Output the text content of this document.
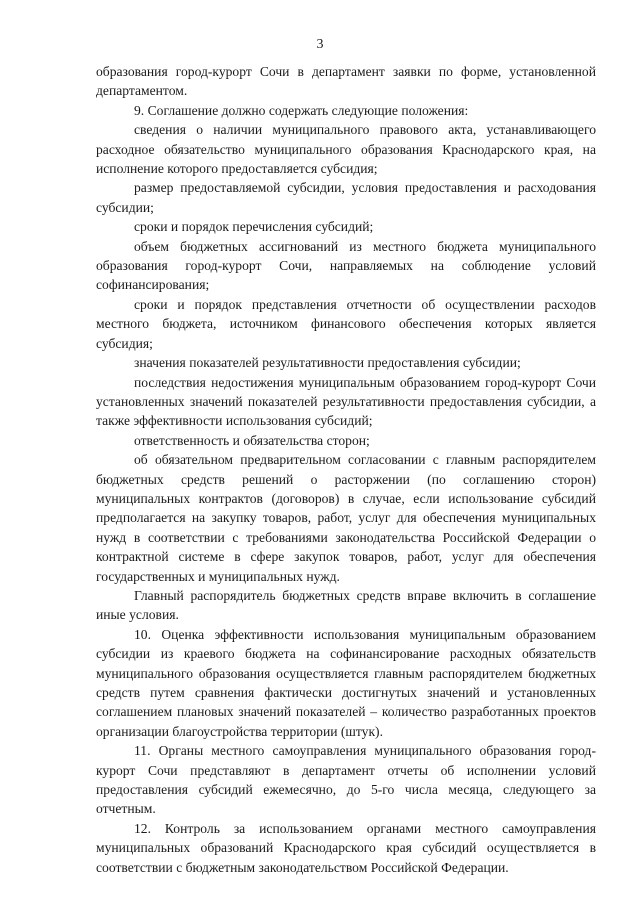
3

образования город-курорт Сочи в департамент заявки по форме, установленной департаментом.

9. Соглашение должно содержать следующие положения:

сведения о наличии муниципального правового акта, устанавливающего расходное обязательство муниципального образования Краснодарского края, на исполнение которого предоставляется субсидия;

размер предоставляемой субсидии, условия предоставления и расходования субсидии;

сроки и порядок перечисления субсидий;

объем бюджетных ассигнований из местного бюджета муниципального образования город-курорт Сочи, направляемых на соблюдение условий софинансирования;

сроки и порядок представления отчетности об осуществлении расходов местного бюджета, источником финансового обеспечения которых является субсидия;

значения показателей результативности предоставления субсидии;

последствия недостижения муниципальным образованием город-курорт Сочи установленных значений показателей результативности предоставления субсидии, а также эффективности использования субсидий;

ответственность и обязательства сторон;

об обязательном предварительном согласовании с главным распорядителем бюджетных средств решений о расторжении (по соглашению сторон) муниципальных контрактов (договоров) в случае, если использование субсидий предполагается на закупку товаров, работ, услуг для обеспечения муниципальных нужд в соответствии с требованиями законодательства Российской Федерации о контрактной системе в сфере закупок товаров, работ, услуг для обеспечения государственных и муниципальных нужд.

Главный распорядитель бюджетных средств вправе включить в соглашение иные условия.

10. Оценка эффективности использования муниципальным образованием субсидии из краевого бюджета на софинансирование расходных обязательств муниципального образования осуществляется главным распорядителем бюджетных средств путем сравнения фактически достигнутых значений и установленных соглашением плановых значений показателей – количество разработанных проектов организации благоустройства территории (штук).

11. Органы местного самоуправления муниципального образования город-курорт Сочи представляют в департамент отчеты об исполнении условий предоставления субсидий ежемесячно, до 5-го числа месяца, следующего за отчетным.

12. Контроль за использованием органами местного самоуправления муниципальных образований Краснодарского края субсидий осуществляется в соответствии с бюджетным законодательством Российской Федерации.
